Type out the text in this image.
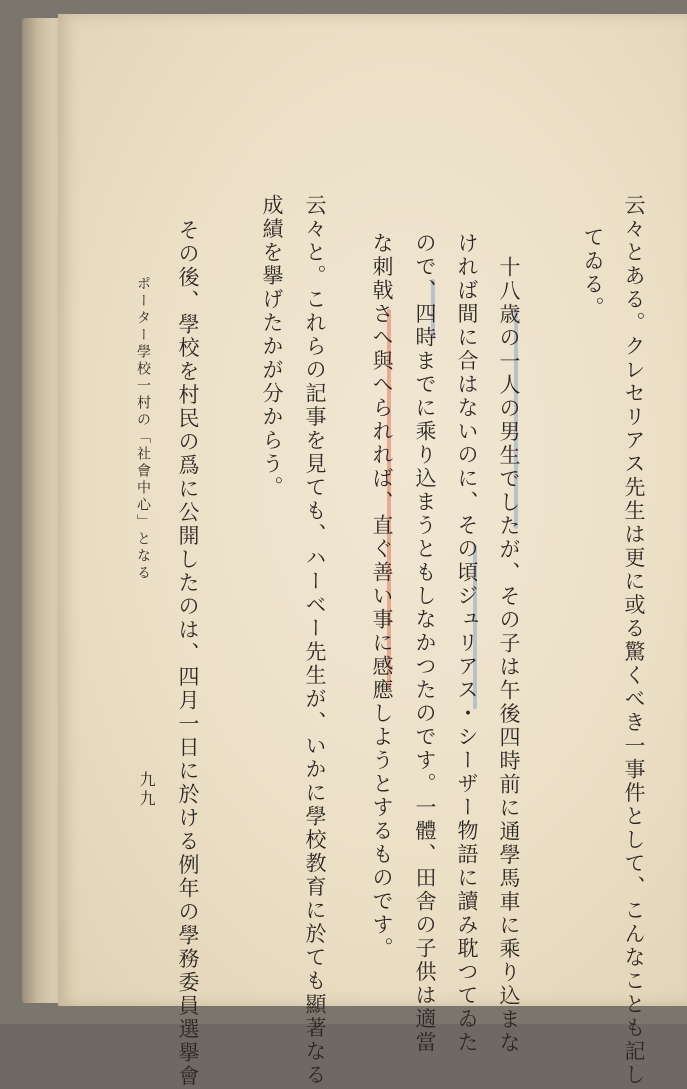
云々とある。クレセリアス先生は更に或る驚くべき一事件として、こんなことも記し
てゐる。
十八歳の一人の男生でしたが、その子は午後四時前に通學馬車に乘り込まな
ければ間に合はないのに、その頃ジュリアス・シーザー物語に讀み耽つてゐた
ので、四時までに乘り込まうともしなかつたのです。一體、田舎の子供は適當
な刺戟さへ與へられれば、直ぐ善い事に感應しようとするものです。
云々と。これらの記事を見ても、ハーベー先生が、いかに學校教育に於ても顯著なる
成績を擧げたかが分からう。
その後、學校を村民の爲に公開したのは、四月一日に於ける例年の學務委員選擧會
ポーター學校一村の「社會中心」となる
九九
